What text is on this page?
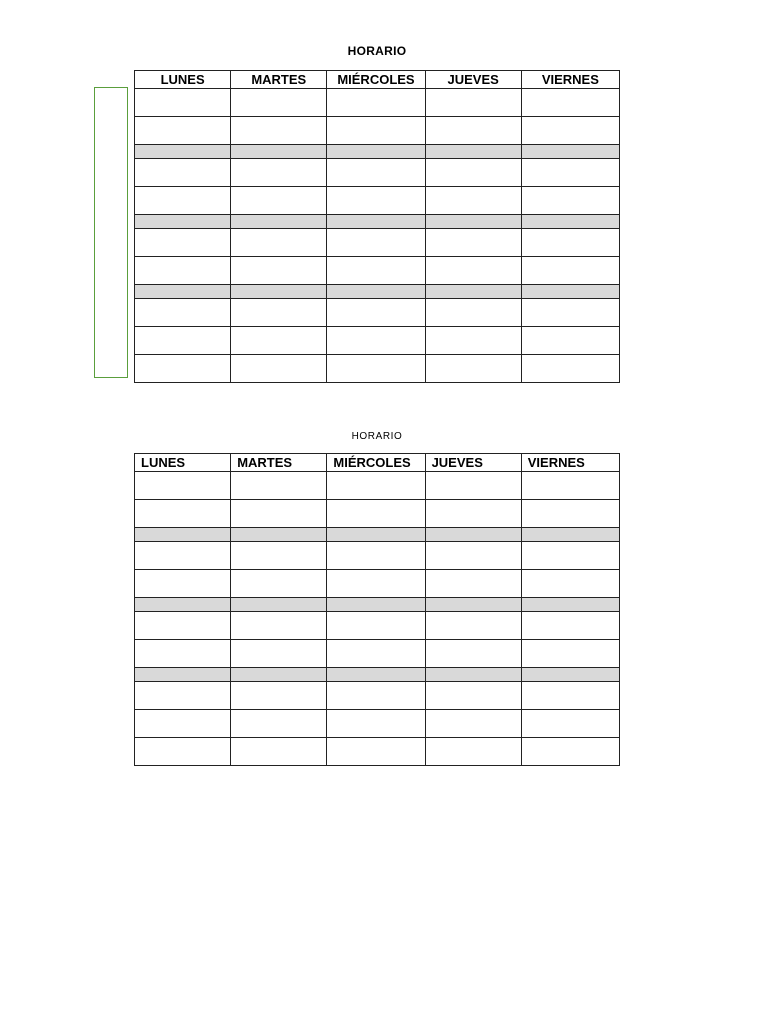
HORARIO
LUNES	MARTES	MIÉRCOLES	JUEVES	VIERNES

HORARIO
LUNES	MARTES	MIÉRCOLES	JUEVES	VIERNES
